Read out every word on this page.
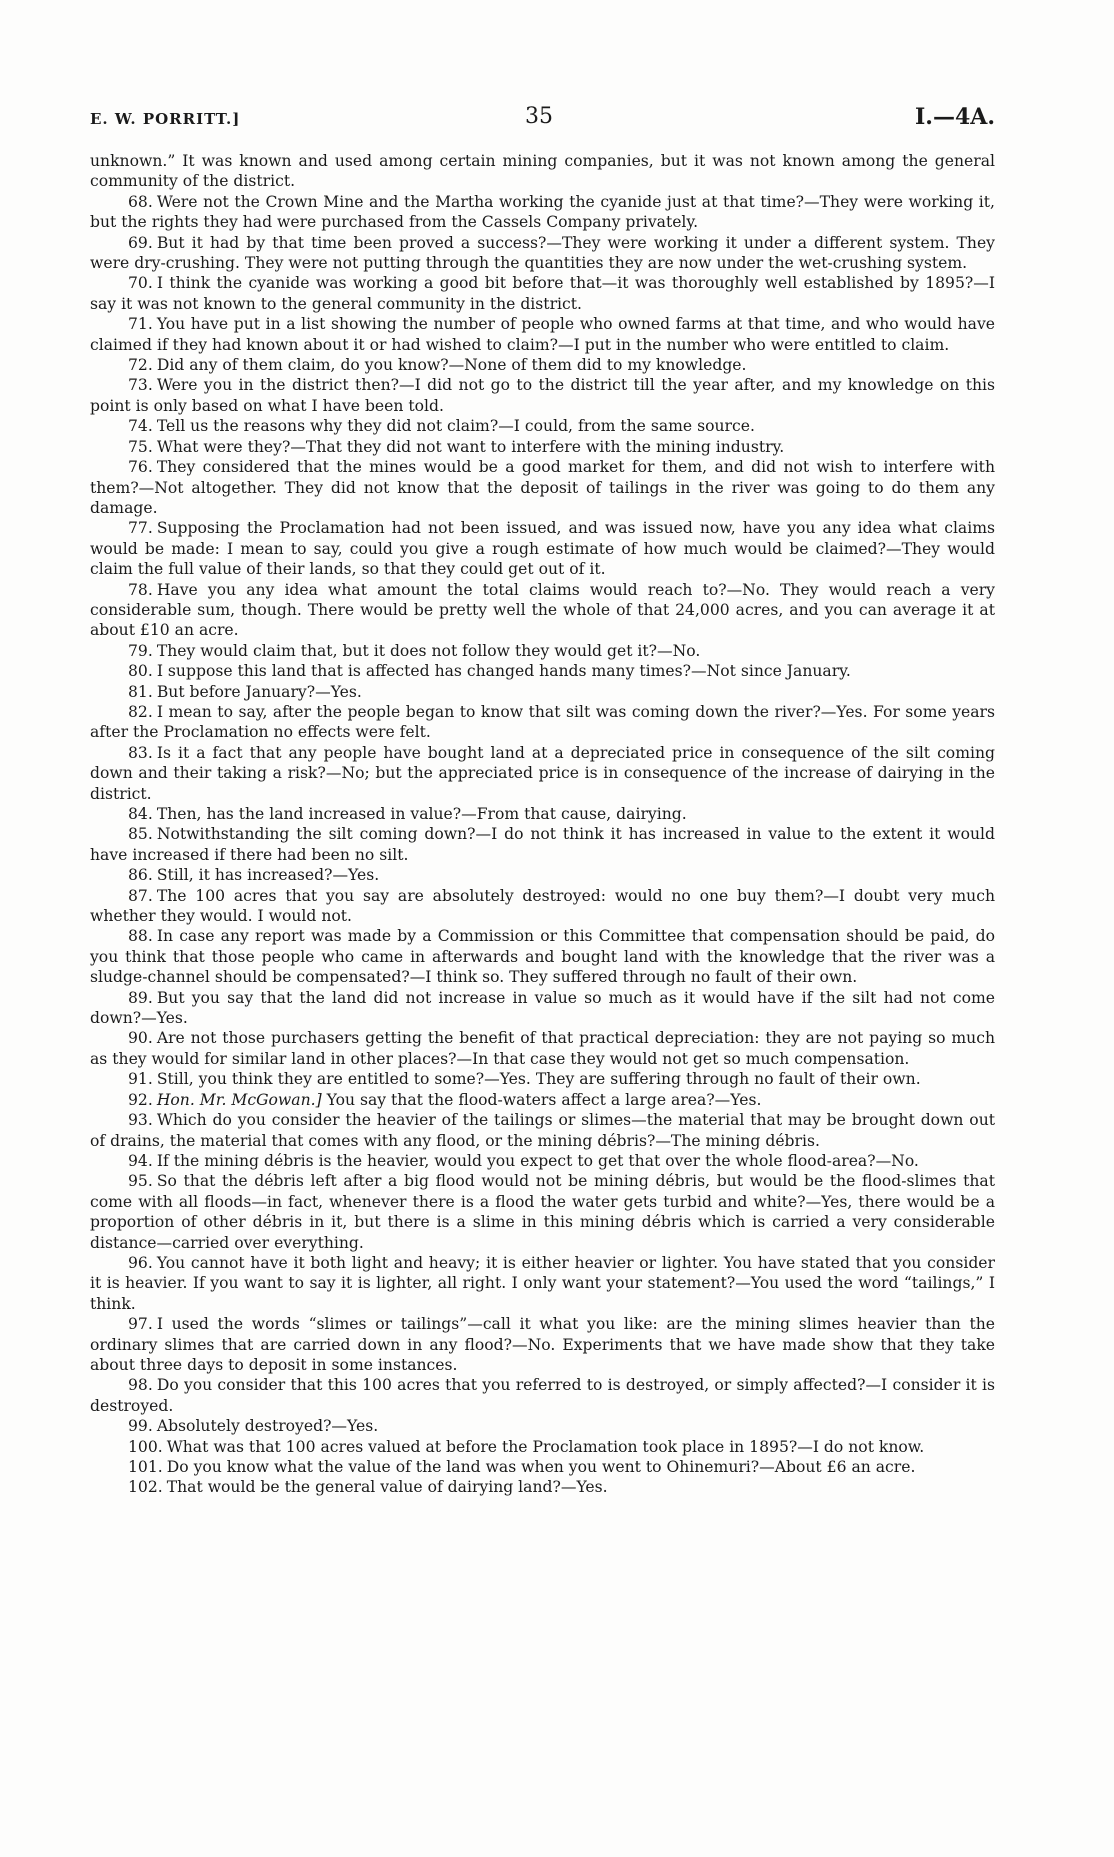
E. W. PORRITT.]	35	I.—4A.

unknown.” It was known and used among certain mining companies, but it was not known among the general community of the district.

68. Were not the Crown Mine and the Martha working the cyanide just at that time?—They were working it, but the rights they had were purchased from the Cassels Company privately.

69. But it had by that time been proved a success?—They were working it under a different system. They were dry-crushing. They were not putting through the quantities they are now under the wet-crushing system.

70. I think the cyanide was working a good bit before that—it was thoroughly well established by 1895?—I say it was not known to the general community in the district.

71. You have put in a list showing the number of people who owned farms at that time, and who would have claimed if they had known about it or had wished to claim?—I put in the number who were entitled to claim.

72. Did any of them claim, do you know?—None of them did to my knowledge.

73. Were you in the district then?—I did not go to the district till the year after, and my knowledge on this point is only based on what I have been told.

74. Tell us the reasons why they did not claim?—I could, from the same source.

75. What were they?—That they did not want to interfere with the mining industry.

76. They considered that the mines would be a good market for them, and did not wish to interfere with them?—Not altogether. They did not know that the deposit of tailings in the river was going to do them any damage.

77. Supposing the Proclamation had not been issued, and was issued now, have you any idea what claims would be made: I mean to say, could you give a rough estimate of how much would be claimed?—They would claim the full value of their lands, so that they could get out of it.

78. Have you any idea what amount the total claims would reach to?—No. They would reach a very considerable sum, though. There would be pretty well the whole of that 24,000 acres, and you can average it at about £10 an acre.

79. They would claim that, but it does not follow they would get it?—No.

80. I suppose this land that is affected has changed hands many times?—Not since January.

81. But before January?—Yes.

82. I mean to say, after the people began to know that silt was coming down the river?—Yes. For some years after the Proclamation no effects were felt.

83. Is it a fact that any people have bought land at a depreciated price in consequence of the silt coming down and their taking a risk?—No; but the appreciated price is in consequence of the increase of dairying in the district.

84. Then, has the land increased in value?—From that cause, dairying.

85. Notwithstanding the silt coming down?—I do not think it has increased in value to the extent it would have increased if there had been no silt.

86. Still, it has increased?—Yes.

87. The 100 acres that you say are absolutely destroyed: would no one buy them?—I doubt very much whether they would. I would not.

88. In case any report was made by a Commission or this Committee that compensation should be paid, do you think that those people who came in afterwards and bought land with the knowledge that the river was a sludge-channel should be compensated?—I think so. They suffered through no fault of their own.

89. But you say that the land did not increase in value so much as it would have if the silt had not come down?—Yes.

90. Are not those purchasers getting the benefit of that practical depreciation: they are not paying so much as they would for similar land in other places?—In that case they would not get so much compensation.

91. Still, you think they are entitled to some?—Yes. They are suffering through no fault of their own.

92. Hon. Mr. McGowan.] You say that the flood-waters affect a large area?—Yes.

93. Which do you consider the heavier of the tailings or slimes—the material that may be brought down out of drains, the material that comes with any flood, or the mining débris?—The mining débris.

94. If the mining débris is the heavier, would you expect to get that over the whole flood-area?—No.

95. So that the débris left after a big flood would not be mining débris, but would be the flood-slimes that come with all floods—in fact, whenever there is a flood the water gets turbid and white?—Yes, there would be a proportion of other débris in it, but there is a slime in this mining débris which is carried a very considerable distance—carried over everything.

96. You cannot have it both light and heavy; it is either heavier or lighter. You have stated that you consider it is heavier. If you want to say it is lighter, all right. I only want your statement?—You used the word “tailings,” I think.

97. I used the words “slimes or tailings”—call it what you like: are the mining slimes heavier than the ordinary slimes that are carried down in any flood?—No. Experiments that we have made show that they take about three days to deposit in some instances.

98. Do you consider that this 100 acres that you referred to is destroyed, or simply affected?—I consider it is destroyed.

99. Absolutely destroyed?—Yes.

100. What was that 100 acres valued at before the Proclamation took place in 1895?—I do not know.

101. Do you know what the value of the land was when you went to Ohinemuri?—About £6 an acre.

102. That would be the general value of dairying land?—Yes.
